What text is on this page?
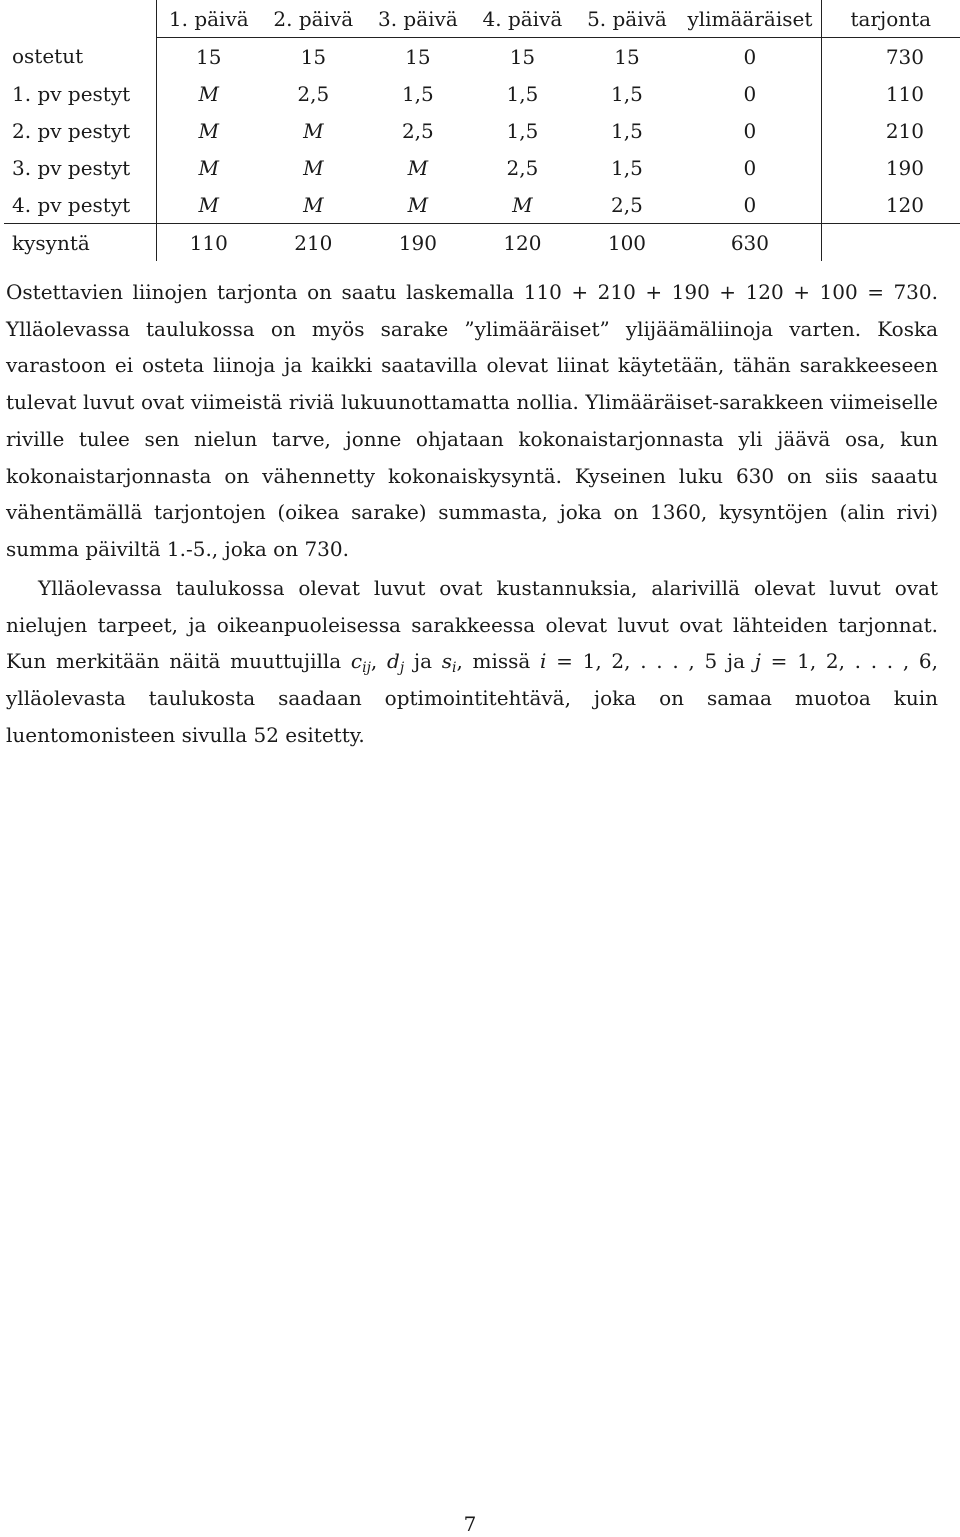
	1. päivä	2. päivä	3. päivä	4. päivä	5. päivä	ylimääräiset	tarjonta
ostetut	15	15	15	15	15	0	730
1. pv pestyt	M	2,5	1,5	1,5	1,5	0	110
2. pv pestyt	M	M	2,5	1,5	1,5	0	210
3. pv pestyt	M	M	M	2,5	1,5	0	190
4. pv pestyt	M	M	M	M	2,5	0	120
kysyntä	110	210	190	120	100	630	

Ostettavien liinojen tarjonta on saatu laskemalla 110 + 210 + 190 + 120 + 100 = 730. Ylläolevassa taulukossa on myös sarake ”ylimääräiset” ylijäämäliinoja varten. Koska varastoon ei osteta liinoja ja kaikki saatavilla olevat liinat käytetään, tähän sarakkeeseen tulevat luvut ovat viimeistä riviä lukuunottamatta nollia. Ylimääräiset-sarakkeen viimeiselle riville tulee sen nielun tarve, jonne ohjataan kokonaistarjonnasta yli jäävä osa, kun kokonaistarjonnasta on vähennetty kokonaiskysyntä. Kyseinen luku 630 on siis saaatu vähentämällä tarjontojen (oikea sarake) summasta, joka on 1360, kysyntöjen (alin rivi) summa päiviltä 1.-5., joka on 730.

Ylläolevassa taulukossa olevat luvut ovat kustannuksia, alarivillä olevat luvut ovat nielujen tarpeet, ja oikeanpuoleisessa sarakkeessa olevat luvut ovat lähteiden tarjonnat. Kun merkitään näitä muuttujilla $c_{ij}$, $d_j$ ja $s_i$, missä i = 1, 2, . . . , 5 ja j = 1, 2, . . . , 6, ylläolevasta taulukosta saadaan optimointitehtävä, joka on samaa muotoa kuin luentomonisteen sivulla 52 esitetty.

7
